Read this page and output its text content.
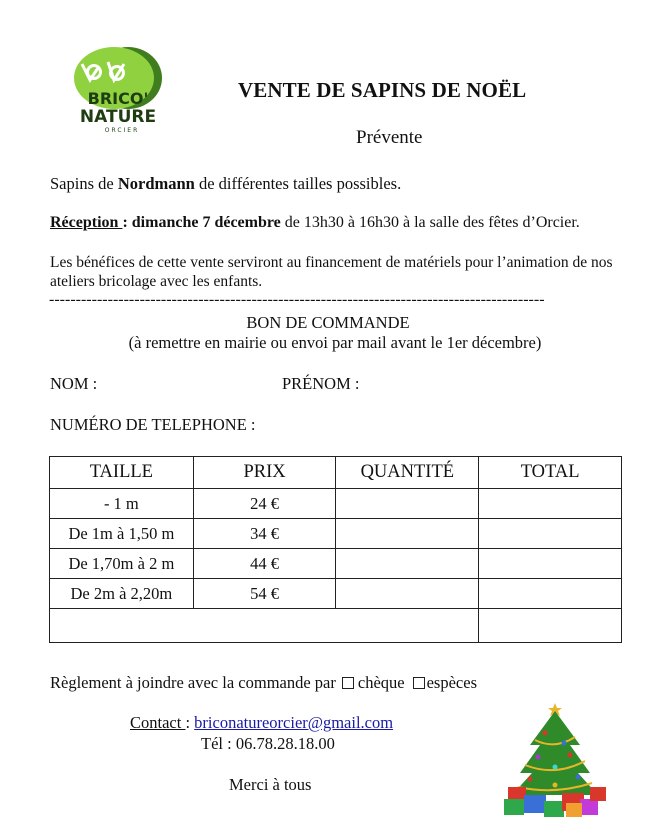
BRICO'
NATURE
ORCIER
VENTE DE SAPINS DE NOËL
Prévente
Sapins de Nordmann de différentes tailles possibles.
Réception : dimanche 7 décembre de 13h30 à 16h30 à la salle des fêtes d’Orcier.
Les bénéfices de cette vente serviront au financement de matériels pour l’animation de nos ateliers bricolage avec les enfants.
---------------------------------------------------------------------------------------------
BON DE COMMANDE
(à remettre en mairie ou envoi par mail avant le 1er décembre)
NOM :	PRÉNOM :
NUMÉRO DE TELEPHONE :
TAILLE	PRIX	QUANTITÉ	TOTAL
- 1 m	24 €		
De 1m à 1,50 m	34 €		
De 1,70m à 2 m	44 €		
De 2m à 2,20m	54 €		

Règlement à joindre avec la commande par chèque espèces
Contact : briconatureorcier@gmail.com
Tél : 06.78.28.18.00
Merci à tous
